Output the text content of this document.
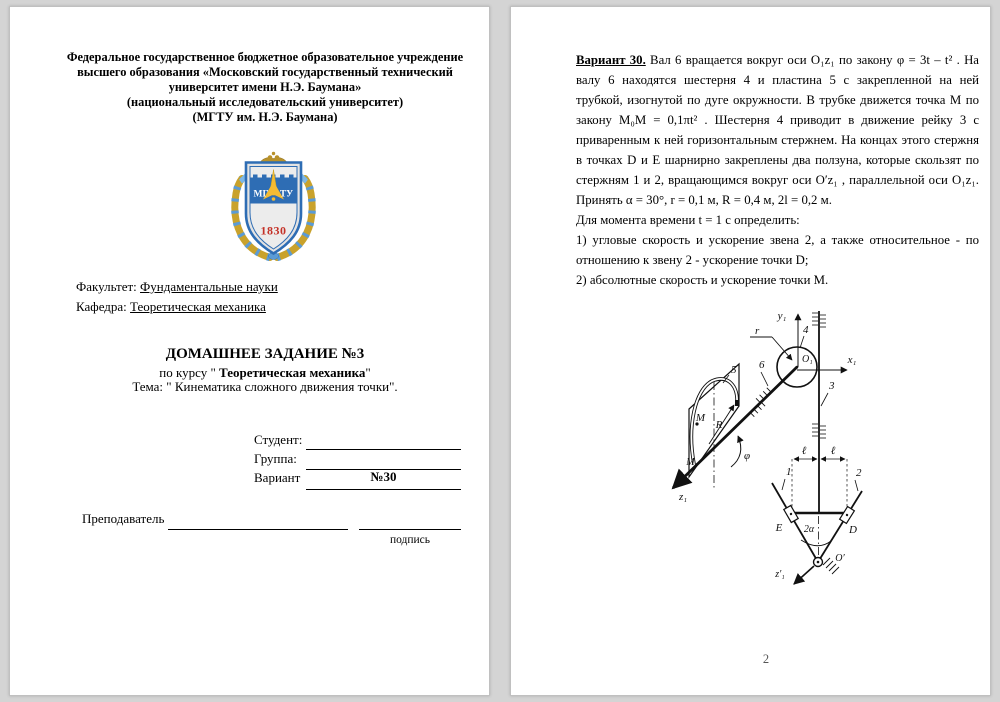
Федеральное государственное бюджетное образовательное учреждение
высшего образования «Московский государственный технический
университет имени Н.Э. Баумана»
(национальный исследовательский университет)
(МГТУ им. Н.Э. Баумана)
МГ ТУ
1830
Факультет: Фундаментальные науки
Кафедра: Теоретическая механика
ДОМАШНЕЕ ЗАДАНИЕ №3
по курсу " Теоретическая механика"
Тема: " Кинематика сложного движения точки".
Студент:
Группа:
Вариант	№30
Преподаватель
подпись

Вариант 30. Вал 6 вращается вокруг оси O₁z₁ по закону φ = 3t – t² . На валу 6 находятся шестерня 4 и пластина 5 с закрепленной на ней трубкой, изогнутой по дуге окружности. В трубке движется точка М по закону М₀М = 0,1πt² . Шестерня 4 приводит в движение рейку 3 с приваренным к ней горизонтальным стержнем. На концах этого стержня в точках D и E шарнирно закреплены два ползуна, которые скользят по стержням 1 и 2, вращающимся вокруг оси O′z₁ , параллельной оси O₁z₁. Принять α = 30°, r = 0,1 м, R = 0,4 м, 2l = 0,2 м.

Для момента времени t = 1 с определить:

1) угловые скорость и ускорение звена 2, а также относительное - по отношению к звену 2 - ускорение точки D;

2) абсолютные скорость и ускорение точки М.

y₁
x₁
O₁
3
6
z₁
r	4
M
M₀
R
5
φ	ℓ ℓ
1	2
E	D
2α
O′
z′₁
2
